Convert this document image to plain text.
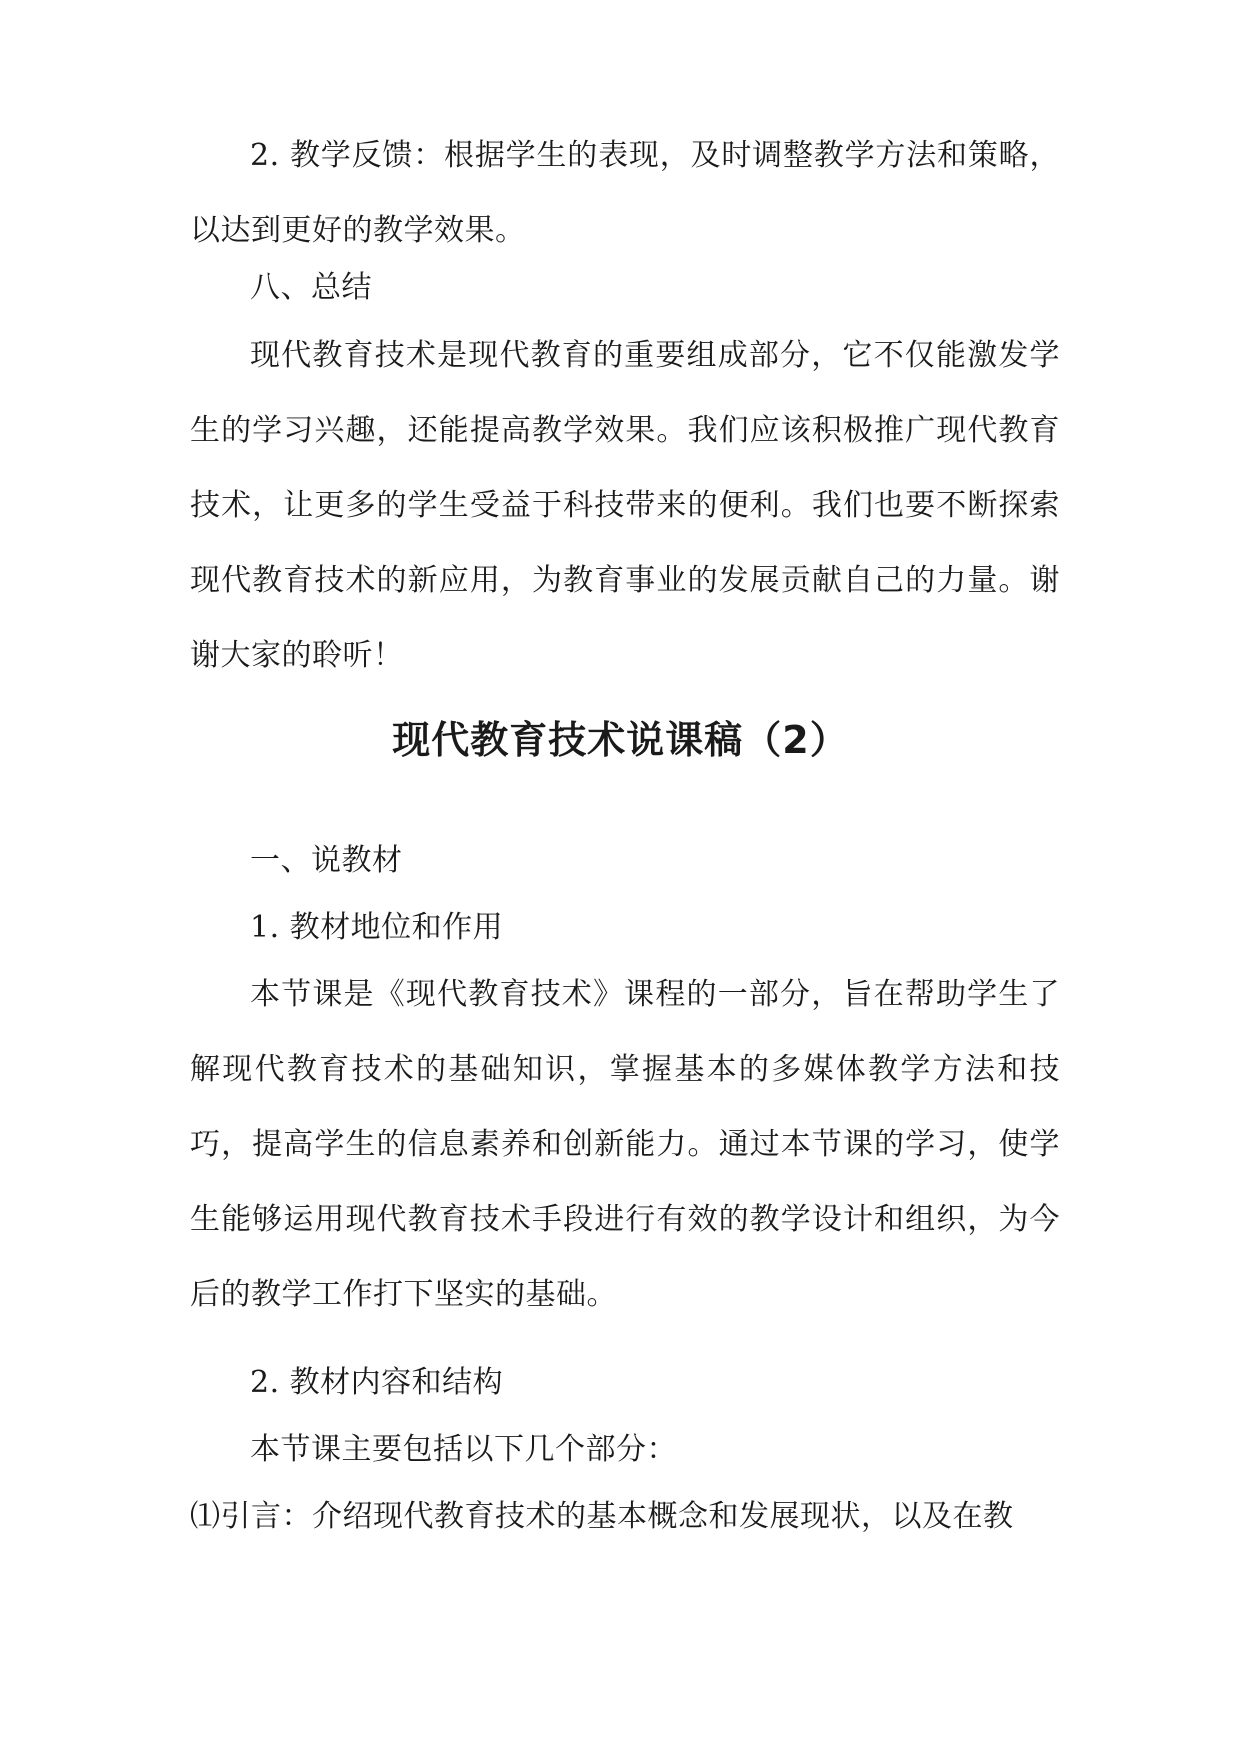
2. 教学反馈：根据学生的表现，及时调整教学方法和策略，以达到更好的教学效果。

八、总结

现代教育技术是现代教育的重要组成部分，它不仅能激发学生的学习兴趣，还能提高教学效果。我们应该积极推广现代教育技术，让更多的学生受益于科技带来的便利。我们也要不断探索现代教育技术的新应用，为教育事业的发展贡献自己的力量。谢谢大家的聆听！

现代教育技术说课稿（2）

一、说教材

1. 教材地位和作用

本节课是《现代教育技术》课程的一部分，旨在帮助学生了解现代教育技术的基础知识，掌握基本的多媒体教学方法和技巧，提高学生的信息素养和创新能力。通过本节课的学习，使学生能够运用现代教育技术手段进行有效的教学设计和组织，为今后的教学工作打下坚实的基础。

2. 教材内容和结构

本节课主要包括以下几个部分：

⑴引言：介绍现代教育技术的基本概念和发展现状，以及在教
